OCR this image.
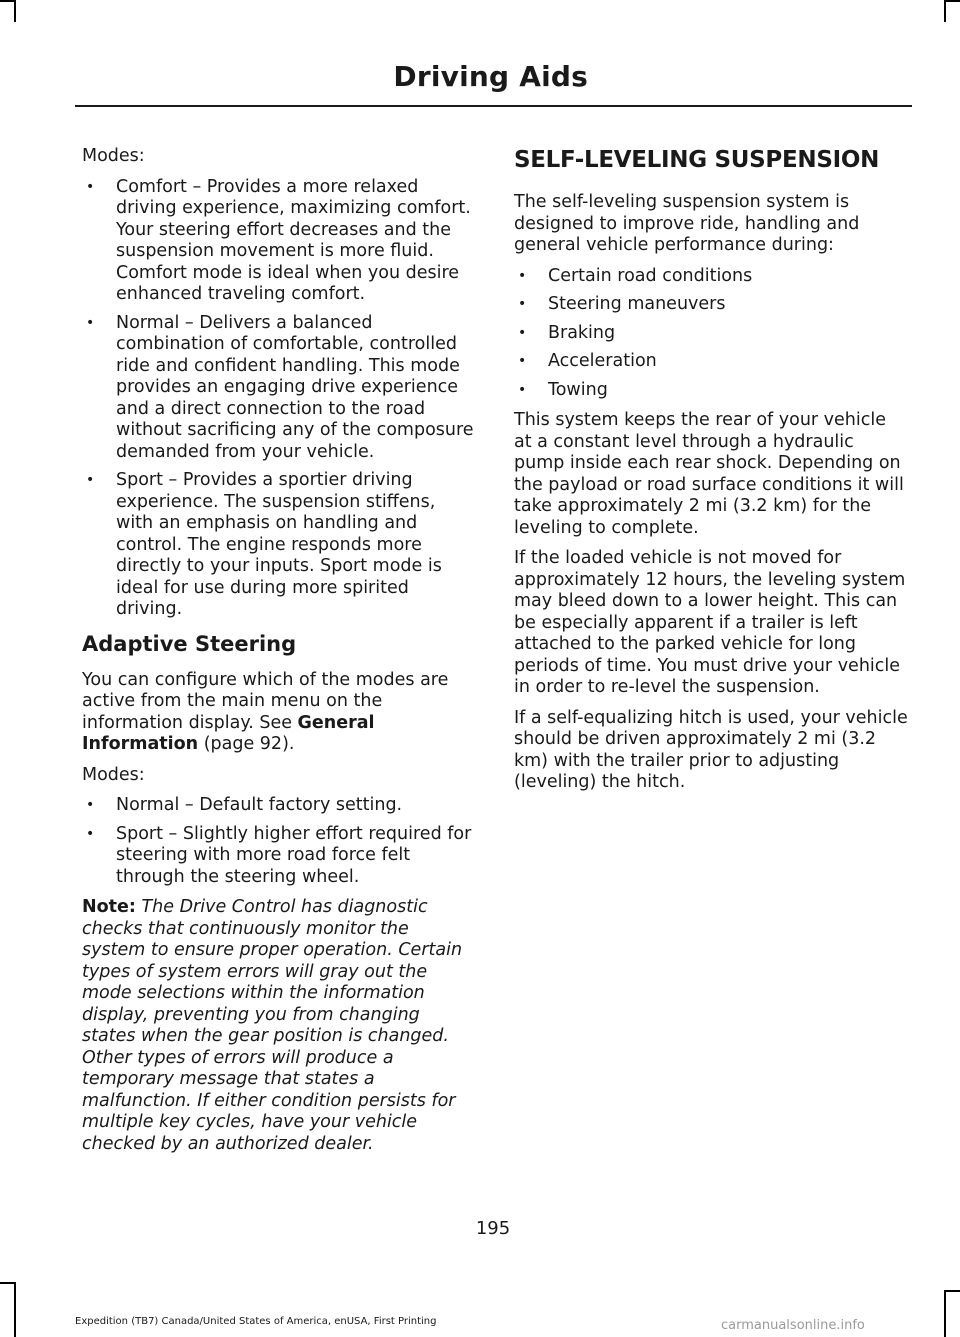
Driving Aids

Modes:

• Comfort – Provides a more relaxed driving experience, maximizing comfort. Your steering effort decreases and the suspension movement is more fluid. Comfort mode is ideal when you desire enhanced traveling comfort.
• Normal – Delivers a balanced combination of comfortable, controlled ride and confident handling. This mode provides an engaging drive experience and a direct connection to the road without sacrificing any of the composure demanded from your vehicle.
• Sport – Provides a sportier driving experience. The suspension stiffens, with an emphasis on handling and control. The engine responds more directly to your inputs. Sport mode is ideal for use during more spirited driving.
Adaptive Steering

You can configure which of the modes are active from the main menu on the information display. See General Information (page 92).

Modes:

• Normal – Default factory setting.
• Sport – Slightly higher effort required for steering with more road force felt through the steering wheel.

Note: The Drive Control has diagnostic checks that continuously monitor the system to ensure proper operation. Certain types of system errors will gray out the mode selections within the information display, preventing you from changing states when the gear position is changed. Other types of errors will produce a temporary message that states a malfunction. If either condition persists for multiple key cycles, have your vehicle checked by an authorized dealer.

SELF-LEVELING SUSPENSION

The self-leveling suspension system is designed to improve ride, handling and general vehicle performance during:

• Certain road conditions
• Steering maneuvers
• Braking
• Acceleration
• Towing

This system keeps the rear of your vehicle at a constant level through a hydraulic pump inside each rear shock. Depending on the payload or road surface conditions it will take approximately 2 mi (3.2 km) for the leveling to complete.

If the loaded vehicle is not moved for approximately 12 hours, the leveling system may bleed down to a lower height. This can be especially apparent if a trailer is left attached to the parked vehicle for long periods of time. You must drive your vehicle in order to re-level the suspension.

If a self-equalizing hitch is used, your vehicle should be driven approximately 2 mi (3.2 km) with the trailer prior to adjusting (leveling) the hitch.

195
Expedition (TB7) Canada/United States of America, enUSA, First Printing	carmanualsonline.info
